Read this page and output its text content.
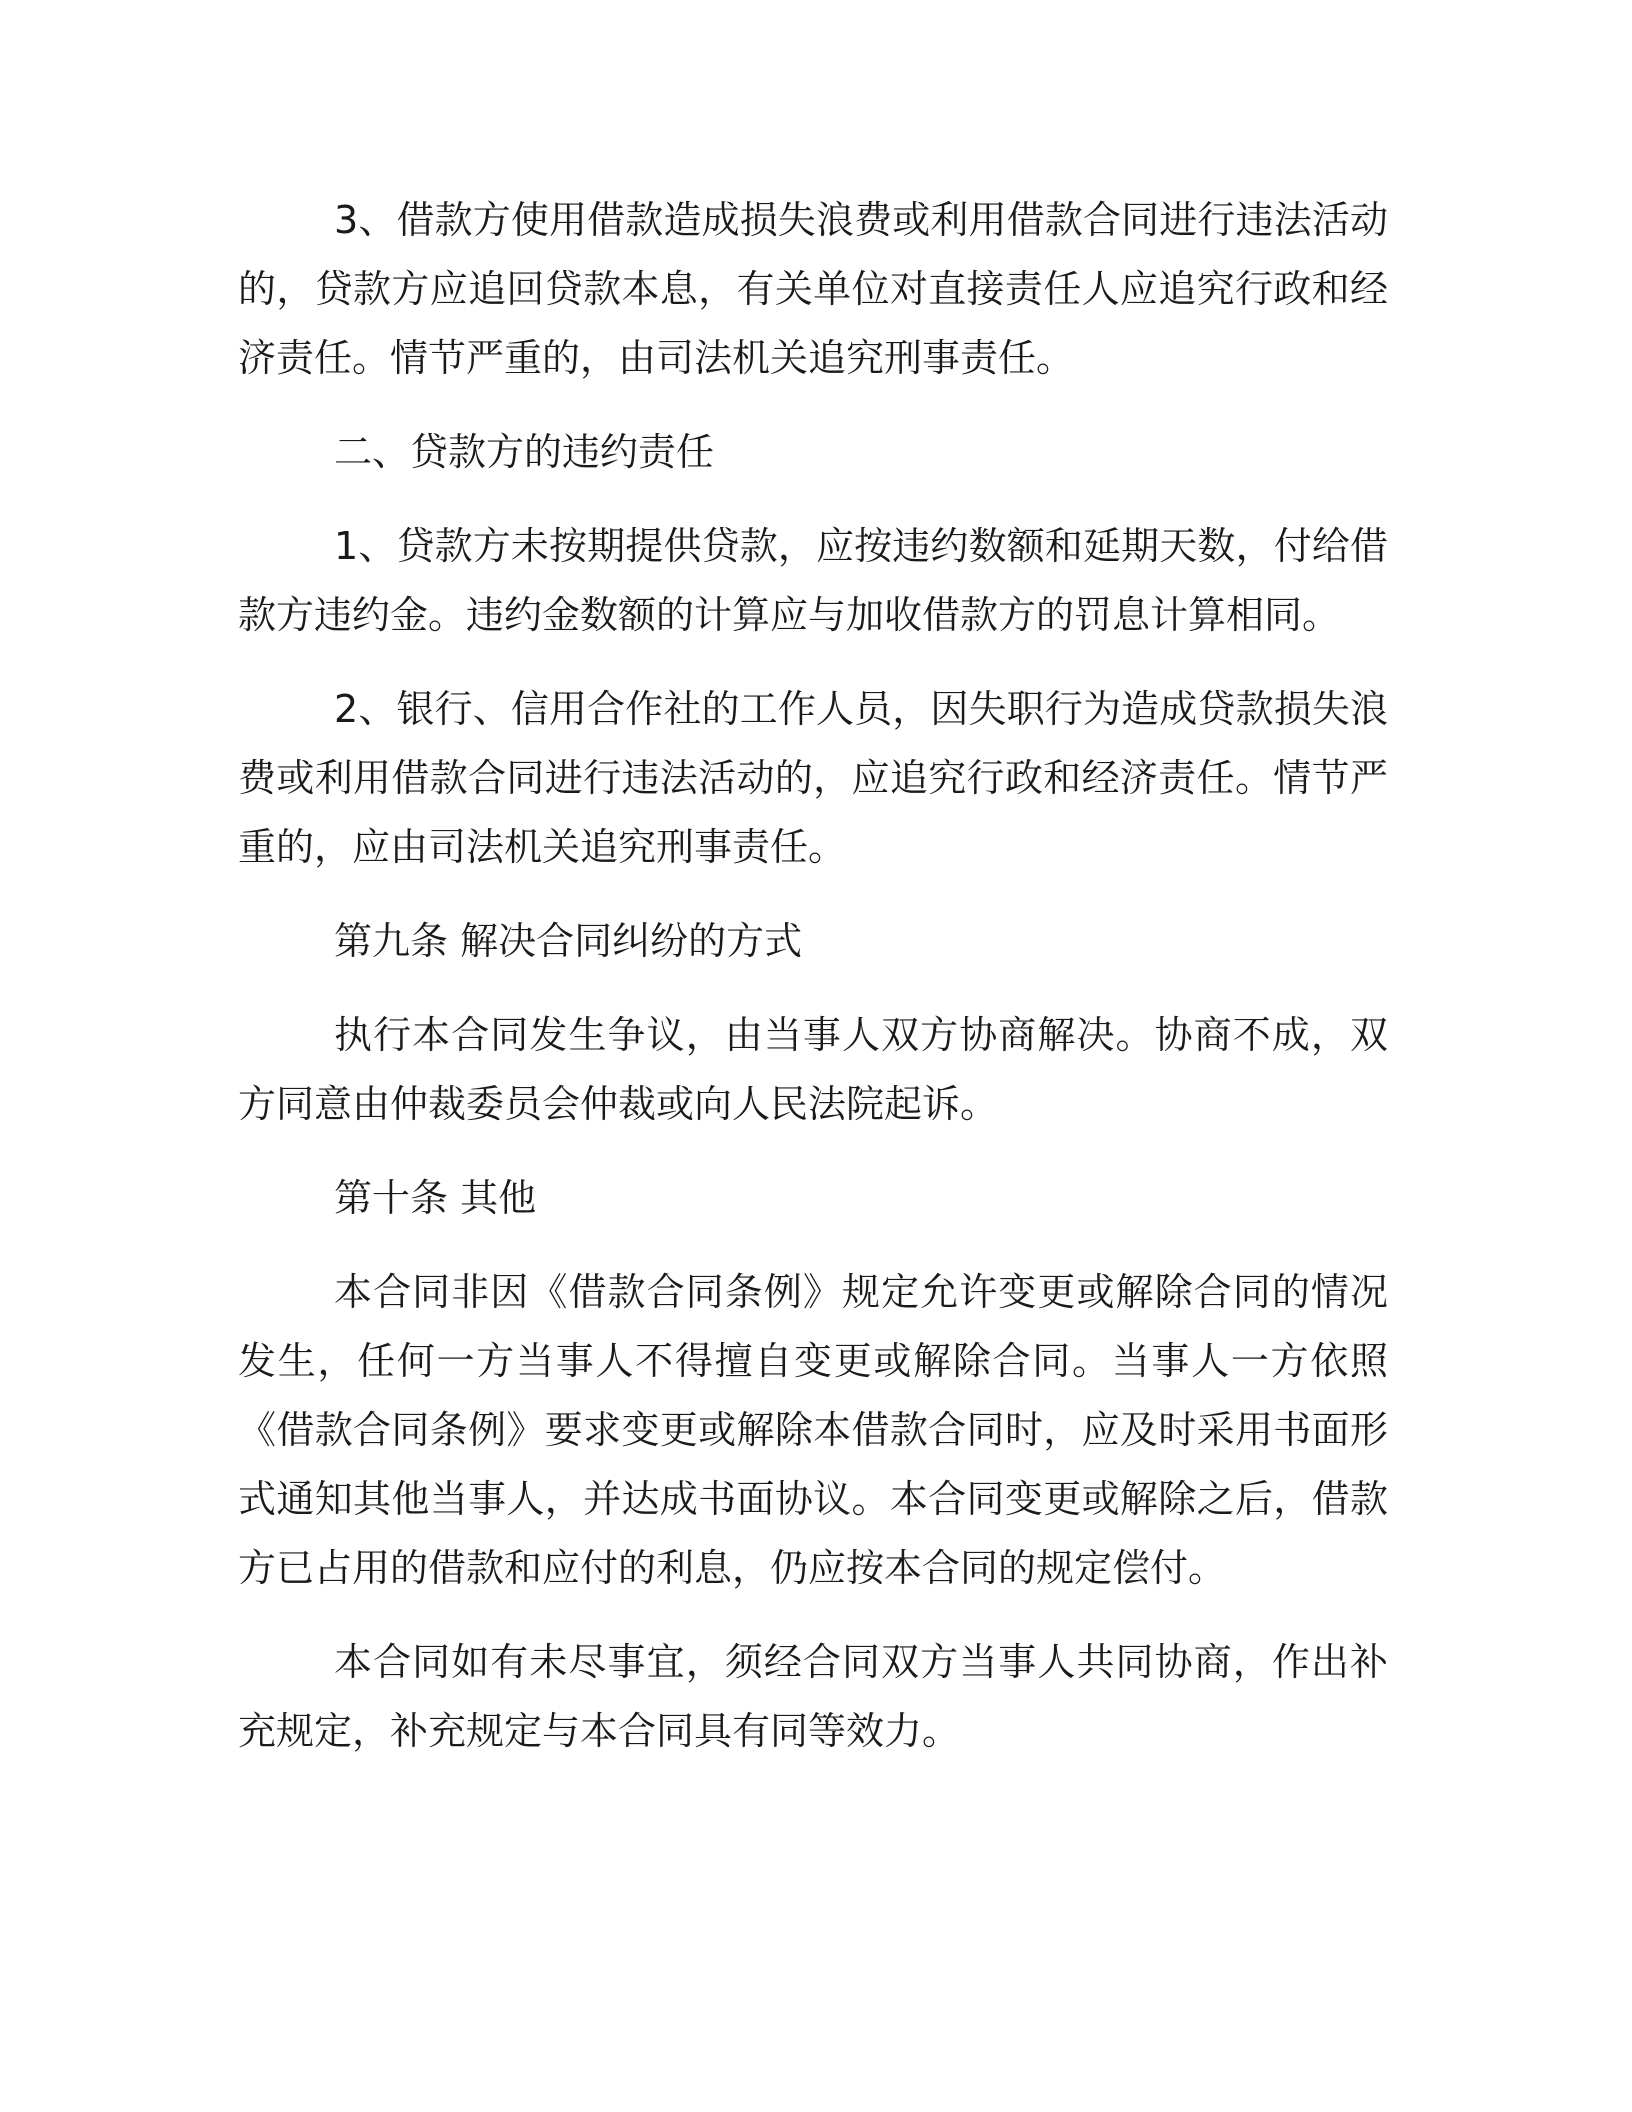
3、借款方使用借款造成损失浪费或利用借款合同进行违法活动的，贷款方应追回贷款本息，有关单位对直接责任人应追究行政和经济责任。情节严重的，由司法机关追究刑事责任。

二、贷款方的违约责任

1、贷款方未按期提供贷款，应按违约数额和延期天数，付给借款方违约金。违约金数额的计算应与加收借款方的罚息计算相同。

2、银行、信用合作社的工作人员，因失职行为造成贷款损失浪费或利用借款合同进行违法活动的，应追究行政和经济责任。情节严重的，应由司法机关追究刑事责任。

第九条 解决合同纠纷的方式

执行本合同发生争议，由当事人双方协商解决。协商不成，双方同意由仲裁委员会仲裁或向人民法院起诉。

第十条 其他

本合同非因《借款合同条例》规定允许变更或解除合同的情况发生，任何一方当事人不得擅自变更或解除合同。当事人一方依照《借款合同条例》要求变更或解除本借款合同时，应及时采用书面形式通知其他当事人，并达成书面协议。本合同变更或解除之后，借款方已占用的借款和应付的利息，仍应按本合同的规定偿付。

本合同如有未尽事宜，须经合同双方当事人共同协商，作出补充规定，补充规定与本合同具有同等效力。
